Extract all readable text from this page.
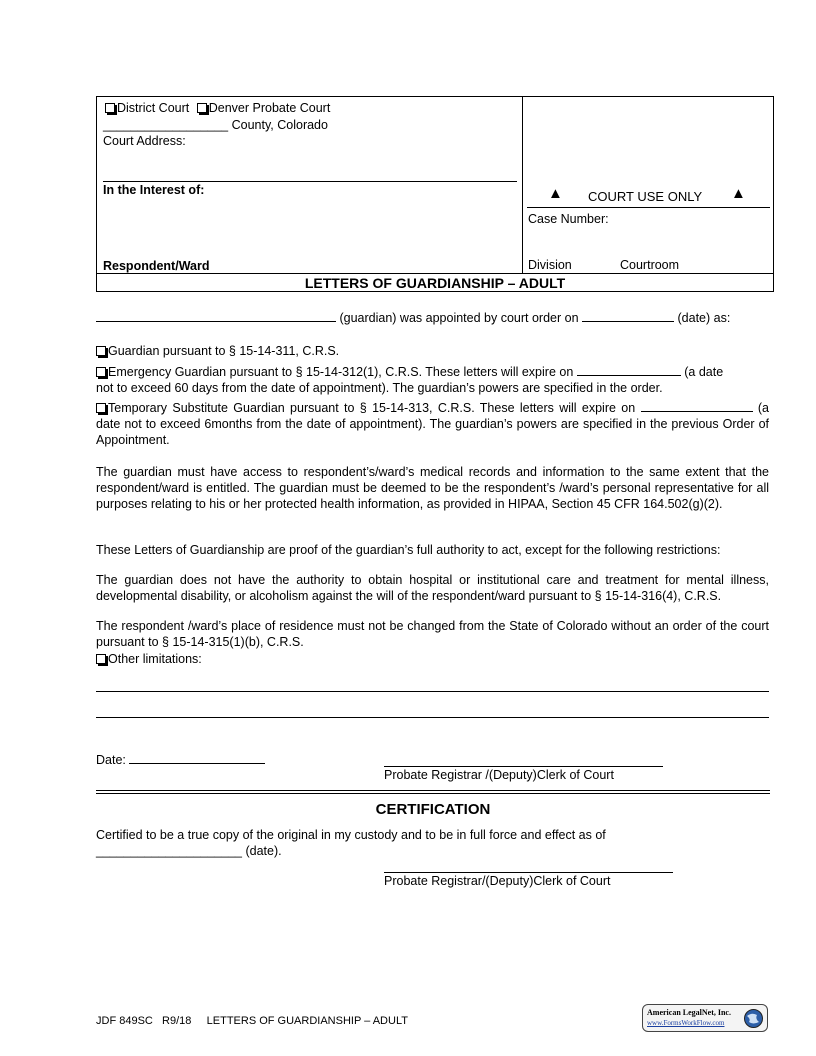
District Court Denver Probate Court
__________________ County, Colorado
Court Address:
In the Interest of:
Respondent/Ward
▲ COURT USE ONLY ▲
Case Number:
Division	Courtroom
LETTERS OF GUARDIANSHIP – ADULT
(guardian) was appointed by court order on	(date) as:
Guardian pursuant to § 15-14-311, C.R.S.
Emergency Guardian pursuant to § 15-14-312(1), C.R.S. These letters will expire on	(a date
not to exceed 60 days from the date of appointment). The guardian’s powers are specified in the order.
Temporary Substitute Guardian pursuant to § 15-14-313, C.R.S. These letters will expire on	(a date not to exceed 6months from the date of appointment). The guardian’s powers are specified in the previous Order of Appointment.
The guardian must have access to respondent’s/ward’s medical records and information to the same extent that the respondent/ward is entitled. The guardian must be deemed to be the respondent’s /ward’s personal representative for all purposes relating to his or her protected health information, as provided in HIPAA, Section 45 CFR 164.502(g)(2).
These Letters of Guardianship are proof of the guardian’s full authority to act, except for the following restrictions:
The guardian does not have the authority to obtain hospital or institutional care and treatment for mental illness, developmental disability, or alcoholism against the will of the respondent/ward pursuant to § 15-14-316(4), C.R.S.
The respondent /ward’s place of residence must not be changed from the State of Colorado without an order of the court pursuant to § 15-14-315(1)(b), C.R.S.
Other limitations:
Date:
Probate Registrar /(Deputy)Clerk of Court
CERTIFICATION
Certified to be a true copy of the original in my custody and to be in full force and effect as of
_____________________ (date).
Probate Registrar/(Deputy)Clerk of Court
JDF 849SC   R9/18     LETTERS OF GUARDIANSHIP – ADULT
American LegalNet, Inc.
www.FormsWorkFlow.com
